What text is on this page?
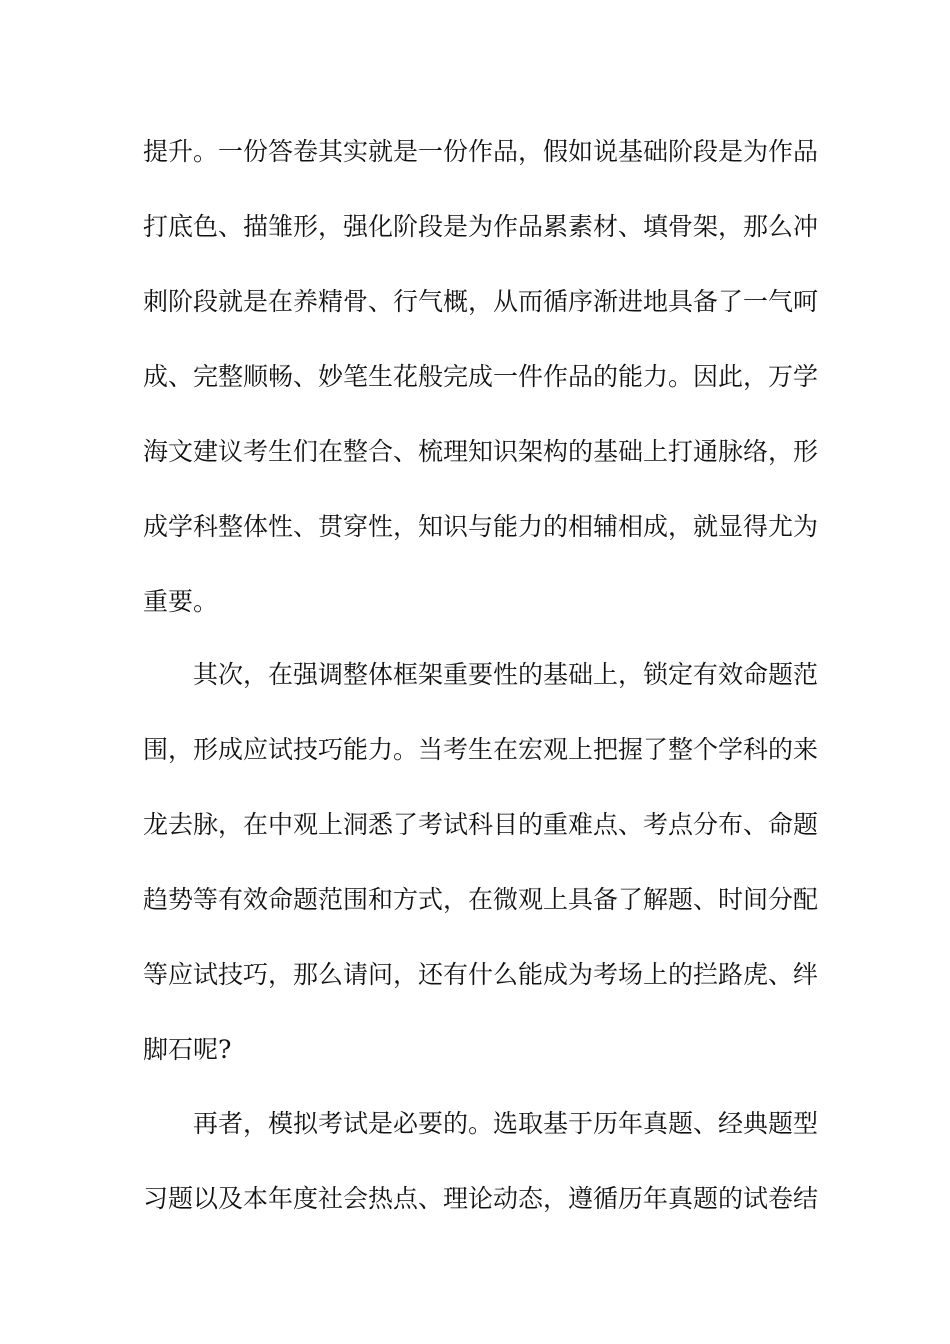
提升。一份答卷其实就是一份作品，假如说基础阶段是为作品
打底色、描雏形，强化阶段是为作品累素材、填骨架，那么冲
刺阶段就是在养精骨、行气概，从而循序渐进地具备了一气呵
成、完整顺畅、妙笔生花般完成一件作品的能力。因此，万学
海文建议考生们在整合、梳理知识架构的基础上打通脉络，形
成学科整体性、贯穿性，知识与能力的相辅相成，就显得尤为
重要。
其次，在强调整体框架重要性的基础上，锁定有效命题范
围，形成应试技巧能力。当考生在宏观上把握了整个学科的来
龙去脉，在中观上洞悉了考试科目的重难点、考点分布、命题
趋势等有效命题范围和方式，在微观上具备了解题、时间分配
等应试技巧，那么请问，还有什么能成为考场上的拦路虎、绊
脚石呢?
再者，模拟考试是必要的。选取基于历年真题、经典题型
习题以及本年度社会热点、理论动态，遵循历年真题的试卷结
